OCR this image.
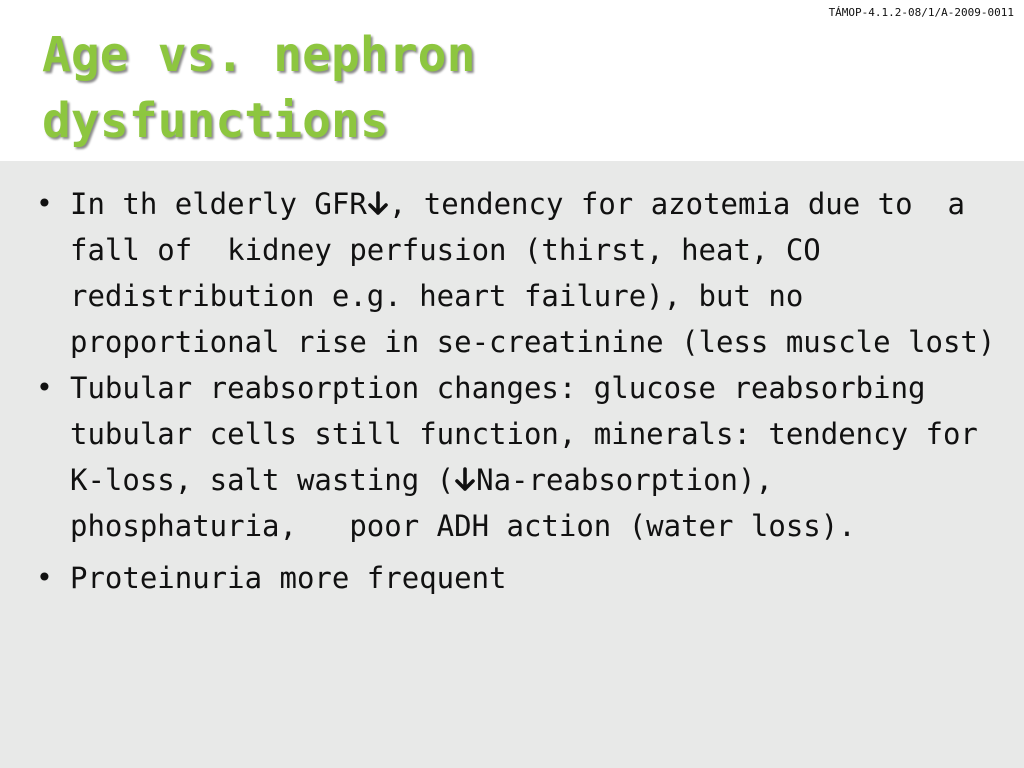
TÁMOP-4.1.2-08/1/A-2009-0011
Age vs. nephron
dysfunctions
• In th elderly GFR , tendency for azotemia due to  a fall of  kidney perfusion (thirst, heat, CO redistribution e.g. heart failure), but no proportional rise in se-creatinine (less muscle lost)
• Tubular reabsorption changes: glucose reabsorbing tubular cells still function, minerals: tendency for K-loss, salt wasting ( Na-reabsorption), phosphaturia,   poor ADH action (water loss).
• Proteinuria more frequent
